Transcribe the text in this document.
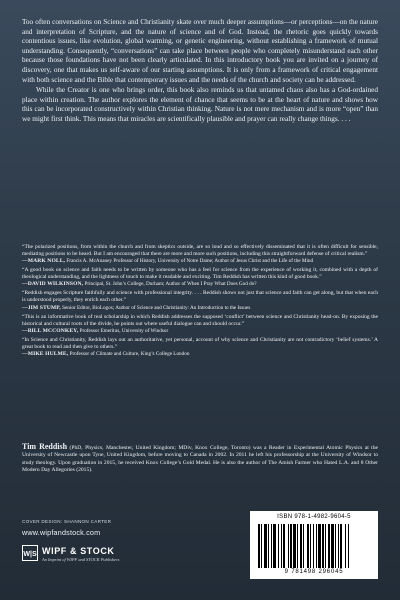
Too often conversations on Science and Christianity skate over much deeper assumptions—or perceptions—on the nature and interpretation of Scripture, and the nature of science and of God. Instead, the rhetoric goes quickly towards contentious issues, like evolution, global warming, or genetic engineering, without establishing a framework of mutual understanding. Consequently, “conversations” can take place between people who completely misunderstand each other because those foundations have not been clearly articulated. In this introductory book you are invited on a journey of discovery, one that makes us self-aware of our starting assumptions. It is only from a framework of critical engagement with both science and the Bible that contemporary issues and the needs of the church and society can be addressed.

While the Creator is one who brings order, this book also reminds us that untamed chaos also has a God-ordained place within creation. The author explores the element of chance that seems to be at the heart of nature and shows how this can be incorporated constructively within Christian thinking. Nature is not mere mechanism and is more “open” than we might first think. This means that miracles are scientifically plausible and prayer can really change things. . . .

“The polarized positions, from within the church and from skeptics outside, are so loud and so effectively disseminated that it is often difficult for sensible, mediating positions to be heard. But I am encouraged that there are more and more such positions, including this straightforward defense of critical realism.”

—MARK NOLL, Francis A. McAnaney Professor of History, University of Notre Dame; Author of Jesus Christ and the Life of the Mind

“A good book on science and faith needs to be written by someone who has a feel for science from the experience of working it, combined with a depth of theological understanding, and the lightness of touch to make it readable and exciting. Tim Reddish has written this kind of good book.”

—DAVID WILKINSON, Principal, St. John’s College, Durham; Author of When I Pray What Does God do?

“Reddish engages Scripture faithfully and science with professional integrity. . . . Reddish shows not just that science and faith can get along, but that when each is understood properly, they enrich each other.”

—JIM STUMP, Senior Editor, BioLogos; Author of Science and Christianity: An Introduction to the Issues

“This is an informative book of real scholarship in which Reddish addresses the supposed ‘conflict’ between science and Christianity head-on. By exposing the historical and cultural roots of the divide, he points out where useful dialogue can and should occur.”

—BILL MCCONKEY, Professor Emeritus, University of Windsor

“In Science and Christianity, Reddish lays out an authoritative, yet personal, account of why science and Christianity are not contradictory ‘belief systems.’ A great book to read and then give to others.”

—MIKE HULME, Professor of Climate and Culture, King’s College London

Tim Reddish (PhD, Physics, Manchester, United Kingdom; MDiv, Knox College, Toronto) was a Reader in Experimental Atomic Physics at the University of Newcastle upon Tyne, United Kingdom, before moving to Canada in 2002. In 2011 he left his professorship at the University of Windsor to study theology. Upon graduation in 2015, he received Knox College’s Gold Medal. He is also the author of The Amish Farmer who Hated L.A. and 8 Other Modern Day Allegories (2015).

COVER DESIGN: SHANNON CARTER
www.wipfandstock.com
W|S WIPF & STOCK
An Imprint of WIPF and STOCK Publishers
ISBN 978-1-4982-9604-5
9 781498 296045
